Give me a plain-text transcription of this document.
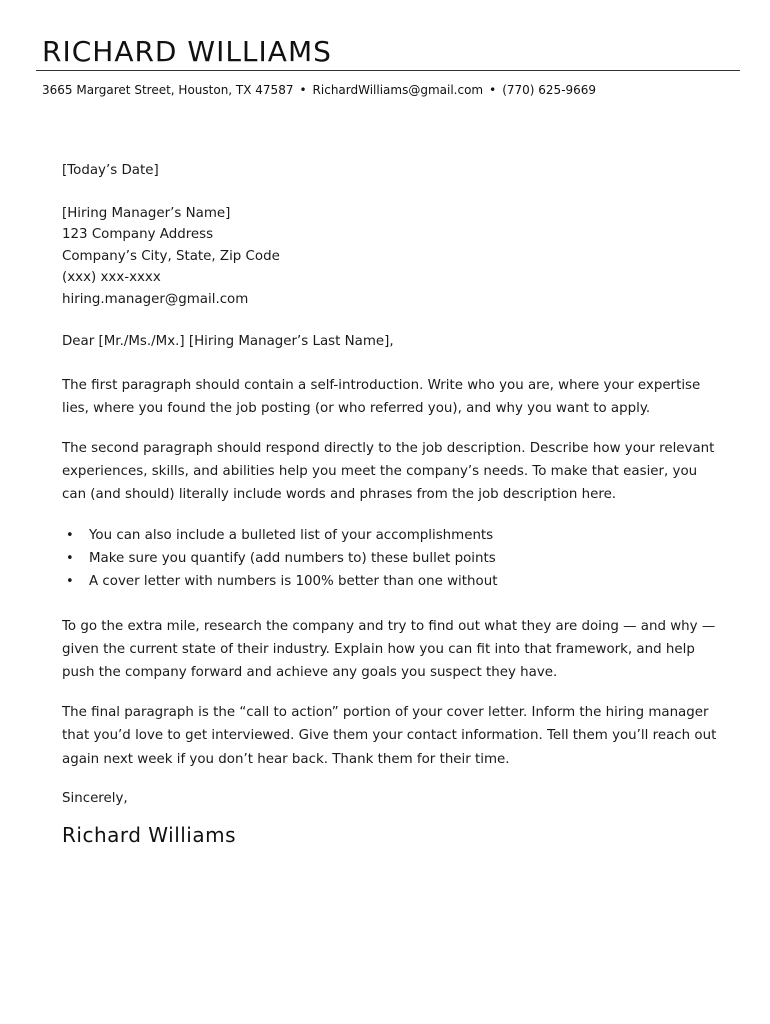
RICHARD WILLIAMS
3665 Margaret Street, Houston, TX 47587 • RichardWilliams@gmail.com • (770) 625-9669
[Today’s Date]
[Hiring Manager’s Name]
123 Company Address
Company’s City, State, Zip Code
(xxx) xxx-xxxx
hiring.manager@gmail.com
Dear [Mr./Ms./Mx.] [Hiring Manager’s Last Name],

The first paragraph should contain a self-introduction. Write who you are, where your expertise lies, where you found the job posting (or who referred you), and why you want to apply.

The second paragraph should respond directly to the job description. Describe how your relevant experiences, skills, and abilities help you meet the company’s needs. To make that easier, you can (and should) literally include words and phrases from the job description here.

• You can also include a bulleted list of your accomplishments
• Make sure you quantify (add numbers to) these bullet points
• A cover letter with numbers is 100% better than one without

To go the extra mile, research the company and try to find out what they are doing — and why — given the current state of their industry. Explain how you can fit into that framework, and help push the company forward and achieve any goals you suspect they have.

The final paragraph is the “call to action” portion of your cover letter. Inform the hiring manager that you’d love to get interviewed. Give them your contact information. Tell them you’ll reach out again next week if you don’t hear back. Thank them for their time.

Sincerely,
Richard Williams
